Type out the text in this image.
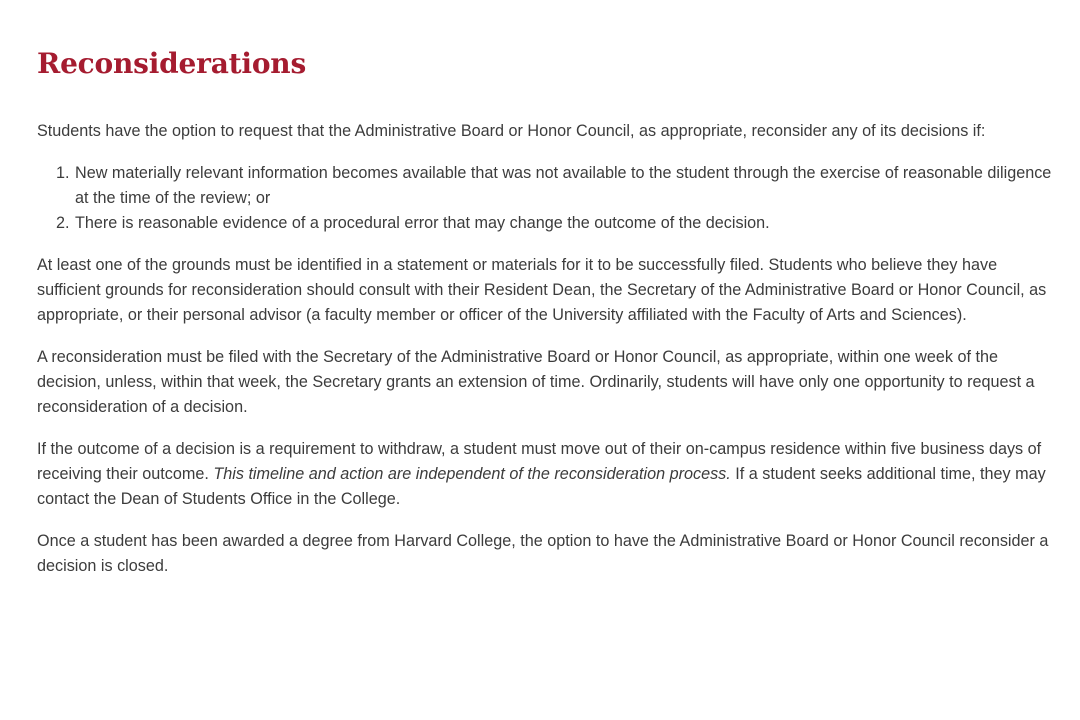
Reconsiderations

Students have the option to request that the Administrative Board or Honor Council, as appropriate, reconsider any of its decisions if:

1. New materially relevant information becomes available that was not available to the student through the exercise of reasonable diligence at the time of the review; or
2. There is reasonable evidence of a procedural error that may change the outcome of the decision.

At least one of the grounds must be identified in a statement or materials for it to be successfully filed. Students who believe they have sufficient grounds for reconsideration should consult with their Resident Dean, the Secretary of the Administrative Board or Honor Council, as appropriate, or their personal advisor (a faculty member or officer of the University affiliated with the Faculty of Arts and Sciences).

A reconsideration must be filed with the Secretary of the Administrative Board or Honor Council, as appropriate, within one week of the decision, unless, within that week, the Secretary grants an extension of time. Ordinarily, students will have only one opportunity to request a reconsideration of a decision.

If the outcome of a decision is a requirement to withdraw, a student must move out of their on-campus residence within five business days of receiving their outcome. This timeline and action are independent of the reconsideration process. If a student seeks additional time, they may contact the Dean of Students Office in the College.

Once a student has been awarded a degree from Harvard College, the option to have the Administrative Board or Honor Council reconsider a decision is closed.
